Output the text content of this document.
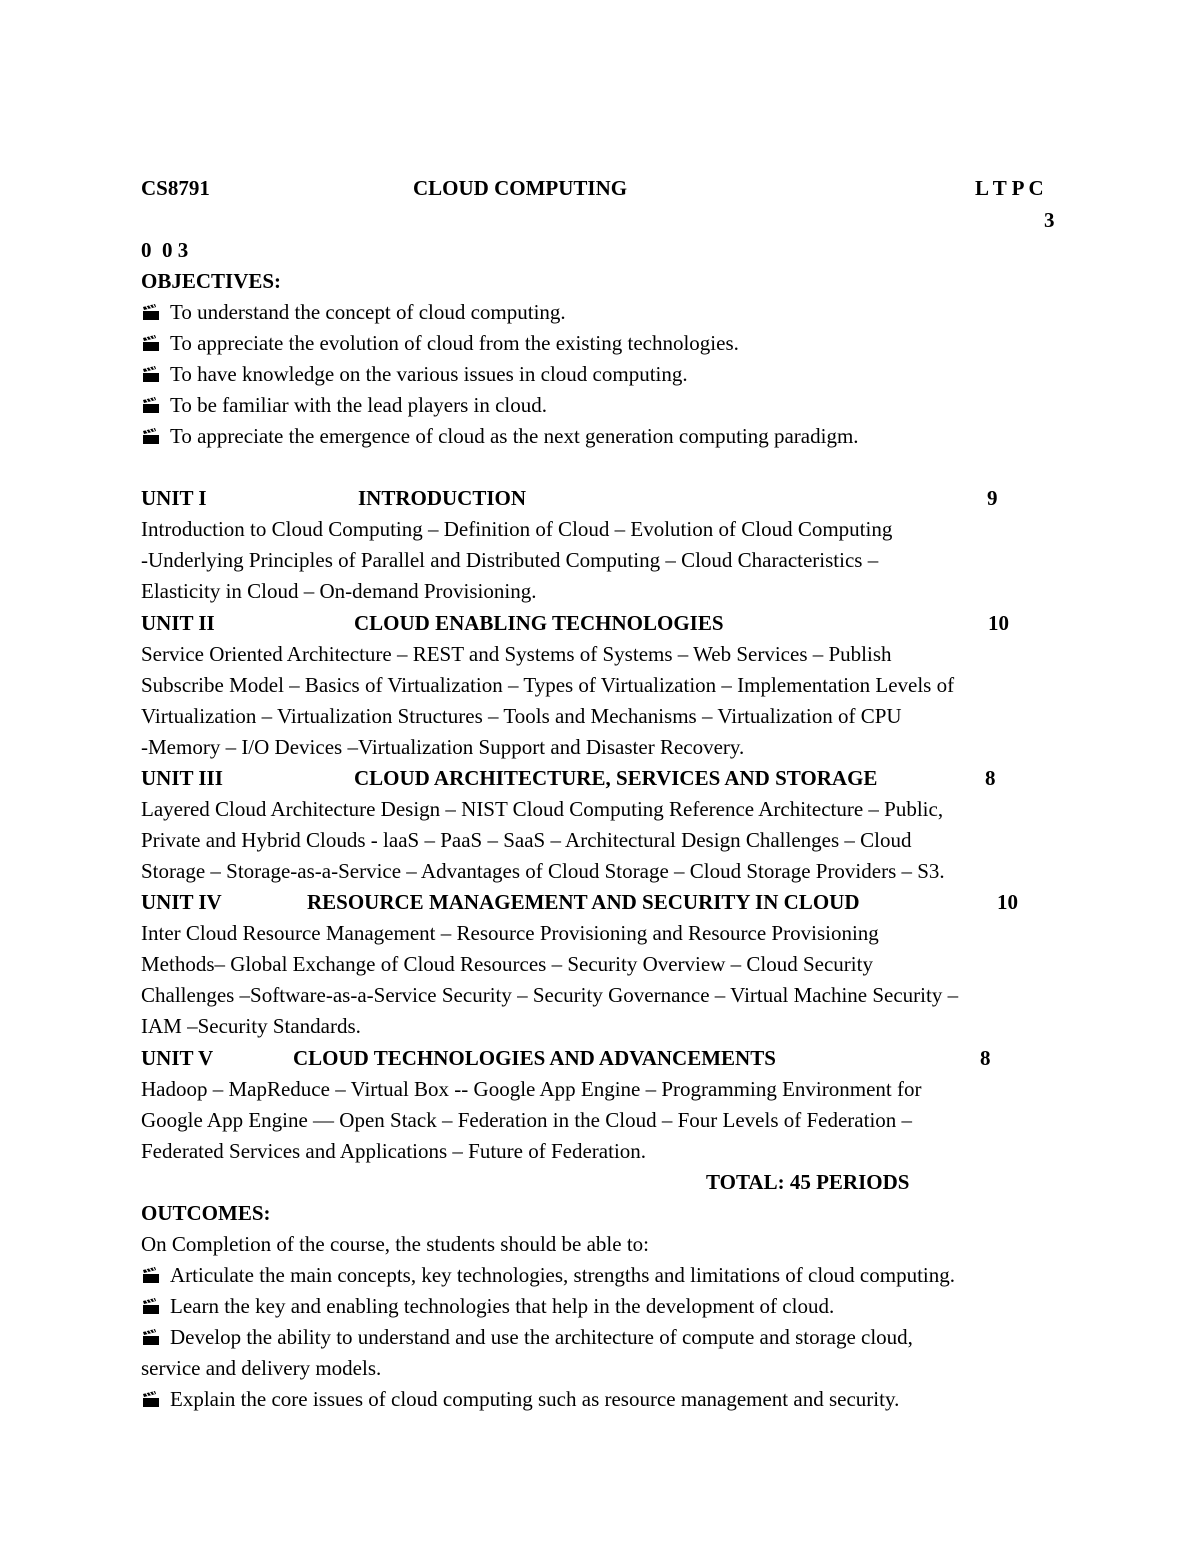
CS8791	CLOUD COMPUTING	L T P C
3
0  0 3
OBJECTIVES:
To understand the concept of cloud computing.
To appreciate the evolution of cloud from the existing technologies.
To have knowledge on the various issues in cloud computing.
To be familiar with the lead players in cloud.
To appreciate the emergence of cloud as the next generation computing paradigm.
UNIT I	INTRODUCTION	9
Introduction to Cloud Computing – Definition of Cloud – Evolution of Cloud Computing
-Underlying Principles of Parallel and Distributed Computing – Cloud Characteristics –
Elasticity in Cloud – On-demand Provisioning.
UNIT II	CLOUD ENABLING TECHNOLOGIES	10
Service Oriented Architecture – REST and Systems of Systems – Web Services – Publish
Subscribe Model – Basics of Virtualization – Types of Virtualization – Implementation Levels of
Virtualization – Virtualization Structures – Tools and Mechanisms – Virtualization of CPU
-Memory – I/O Devices –Virtualization Support and Disaster Recovery.
UNIT III	CLOUD ARCHITECTURE, SERVICES AND STORAGE	8
Layered Cloud Architecture Design – NIST Cloud Computing Reference Architecture – Public,
Private and Hybrid Clouds - laaS – PaaS – SaaS – Architectural Design Challenges – Cloud
Storage – Storage-as-a-Service – Advantages of Cloud Storage – Cloud Storage Providers – S3.
UNIT IV	RESOURCE MANAGEMENT AND SECURITY IN CLOUD	10
Inter Cloud Resource Management – Resource Provisioning and Resource Provisioning
Methods– Global Exchange of Cloud Resources – Security Overview – Cloud Security
Challenges –Software-as-a-Service Security – Security Governance – Virtual Machine Security –
IAM –Security Standards.
UNIT V	CLOUD TECHNOLOGIES AND ADVANCEMENTS	8
Hadoop – MapReduce – Virtual Box -- Google App Engine – Programming Environment for
Google App Engine — Open Stack – Federation in the Cloud – Four Levels of Federation –
Federated Services and Applications – Future of Federation.
TOTAL: 45 PERIODS
OUTCOMES:
On Completion of the course, the students should be able to:
Articulate the main concepts, key technologies, strengths and limitations of cloud computing.
Learn the key and enabling technologies that help in the development of cloud.
Develop the ability to understand and use the architecture of compute and storage cloud,
Explain the core issues of cloud computing such as resource management and security.
service and delivery models.
